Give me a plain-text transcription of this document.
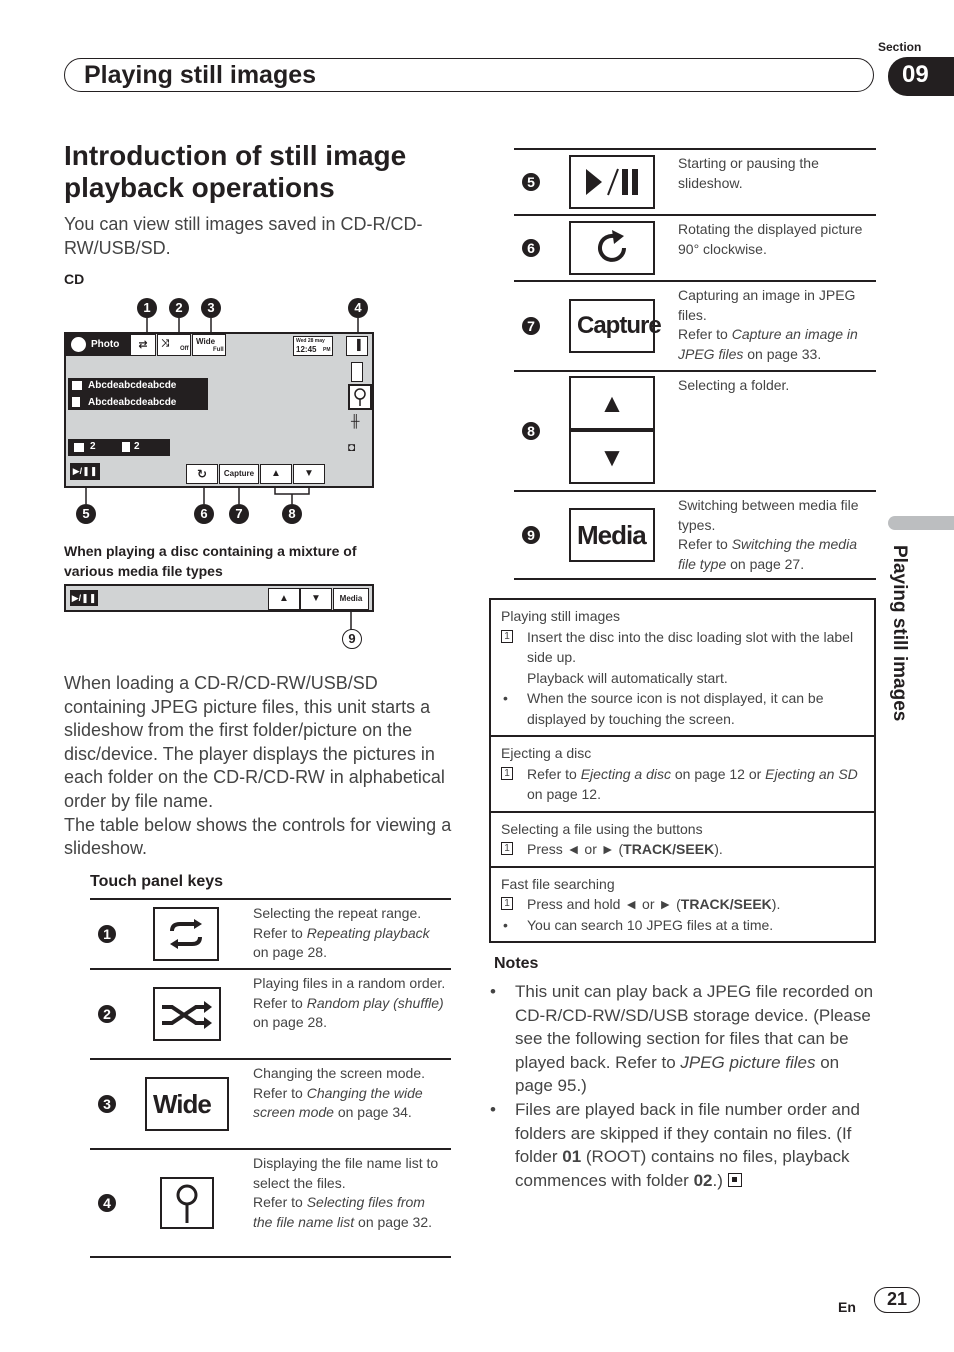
Section
Playing still images	09
Playing still images
Introduction of still image playback operations
You can view still images saved in CD-R/CD-RW/USB/SD.
CD
1	2	3	4
Photo	⇄	⤨ Off
Wide
Full
Wed 28 may
12:45 PM	▐
Abcdeabcdeabcde
Abcdeabcdeabcde
╫
◘
2	2
▶/❚❚	↻	Capture	▲	▼
5	6	7	8
When playing a disc containing a mixture of various media file types
▶/❚❚	▲	▼	Media
9
When loading a CD-R/CD-RW/USB/SD containing JPEG picture files, this unit starts a slideshow from the first folder/picture on the disc/device. The player displays the pictures in each folder on the CD-R/CD-RW in alphabetical order by file name.
The table below shows the controls for viewing a slideshow.
Touch panel keys
1
Selecting the repeat range.
Refer to Repeating playback on page 28.
2
Playing files in a random order.
Refer to Random play (shuffle) on page 28.
3	Wide
Changing the screen mode.
Refer to Changing the wide screen mode on page 34.
4
Displaying the file name list to select the files.
Refer to Selecting files from the file name list on page 32.
5
Starting or pausing the slideshow.
6
Rotating the displayed picture 90° clockwise.
7	Capture
Capturing an image in JPEG files.
Refer to Capture an image in JPEG files on page 33.
8
▲
▼
Selecting a folder.
9	Media
Switching between media file types.
Refer to Switching the media file type on page 27.
Playing still images
1 Insert the disc into the disc loading slot with the label side up.
Playback will automatically start.
• When the source icon is not displayed, it can be displayed by touching the screen.
Ejecting a disc
1 Refer to Ejecting a disc on page 12 or Ejecting an SD on page 12.
Selecting a file using the buttons
1 Press ◄ or ► (TRACK/SEEK).
Fast file searching
1 Press and hold ◄ or ► (TRACK/SEEK).
• You can search 10 JPEG files at a time.
Notes
• This unit can play back a JPEG file recorded on CD-R/CD-RW/SD/USB storage device. (Please see the following section for files that can be played back. Refer to JPEG picture files on page 95.)
• Files are played back in file number order and folders are skipped if they contain no files. (If folder 01 (ROOT) contains no files, playback commences with folder 02.)
En	21
